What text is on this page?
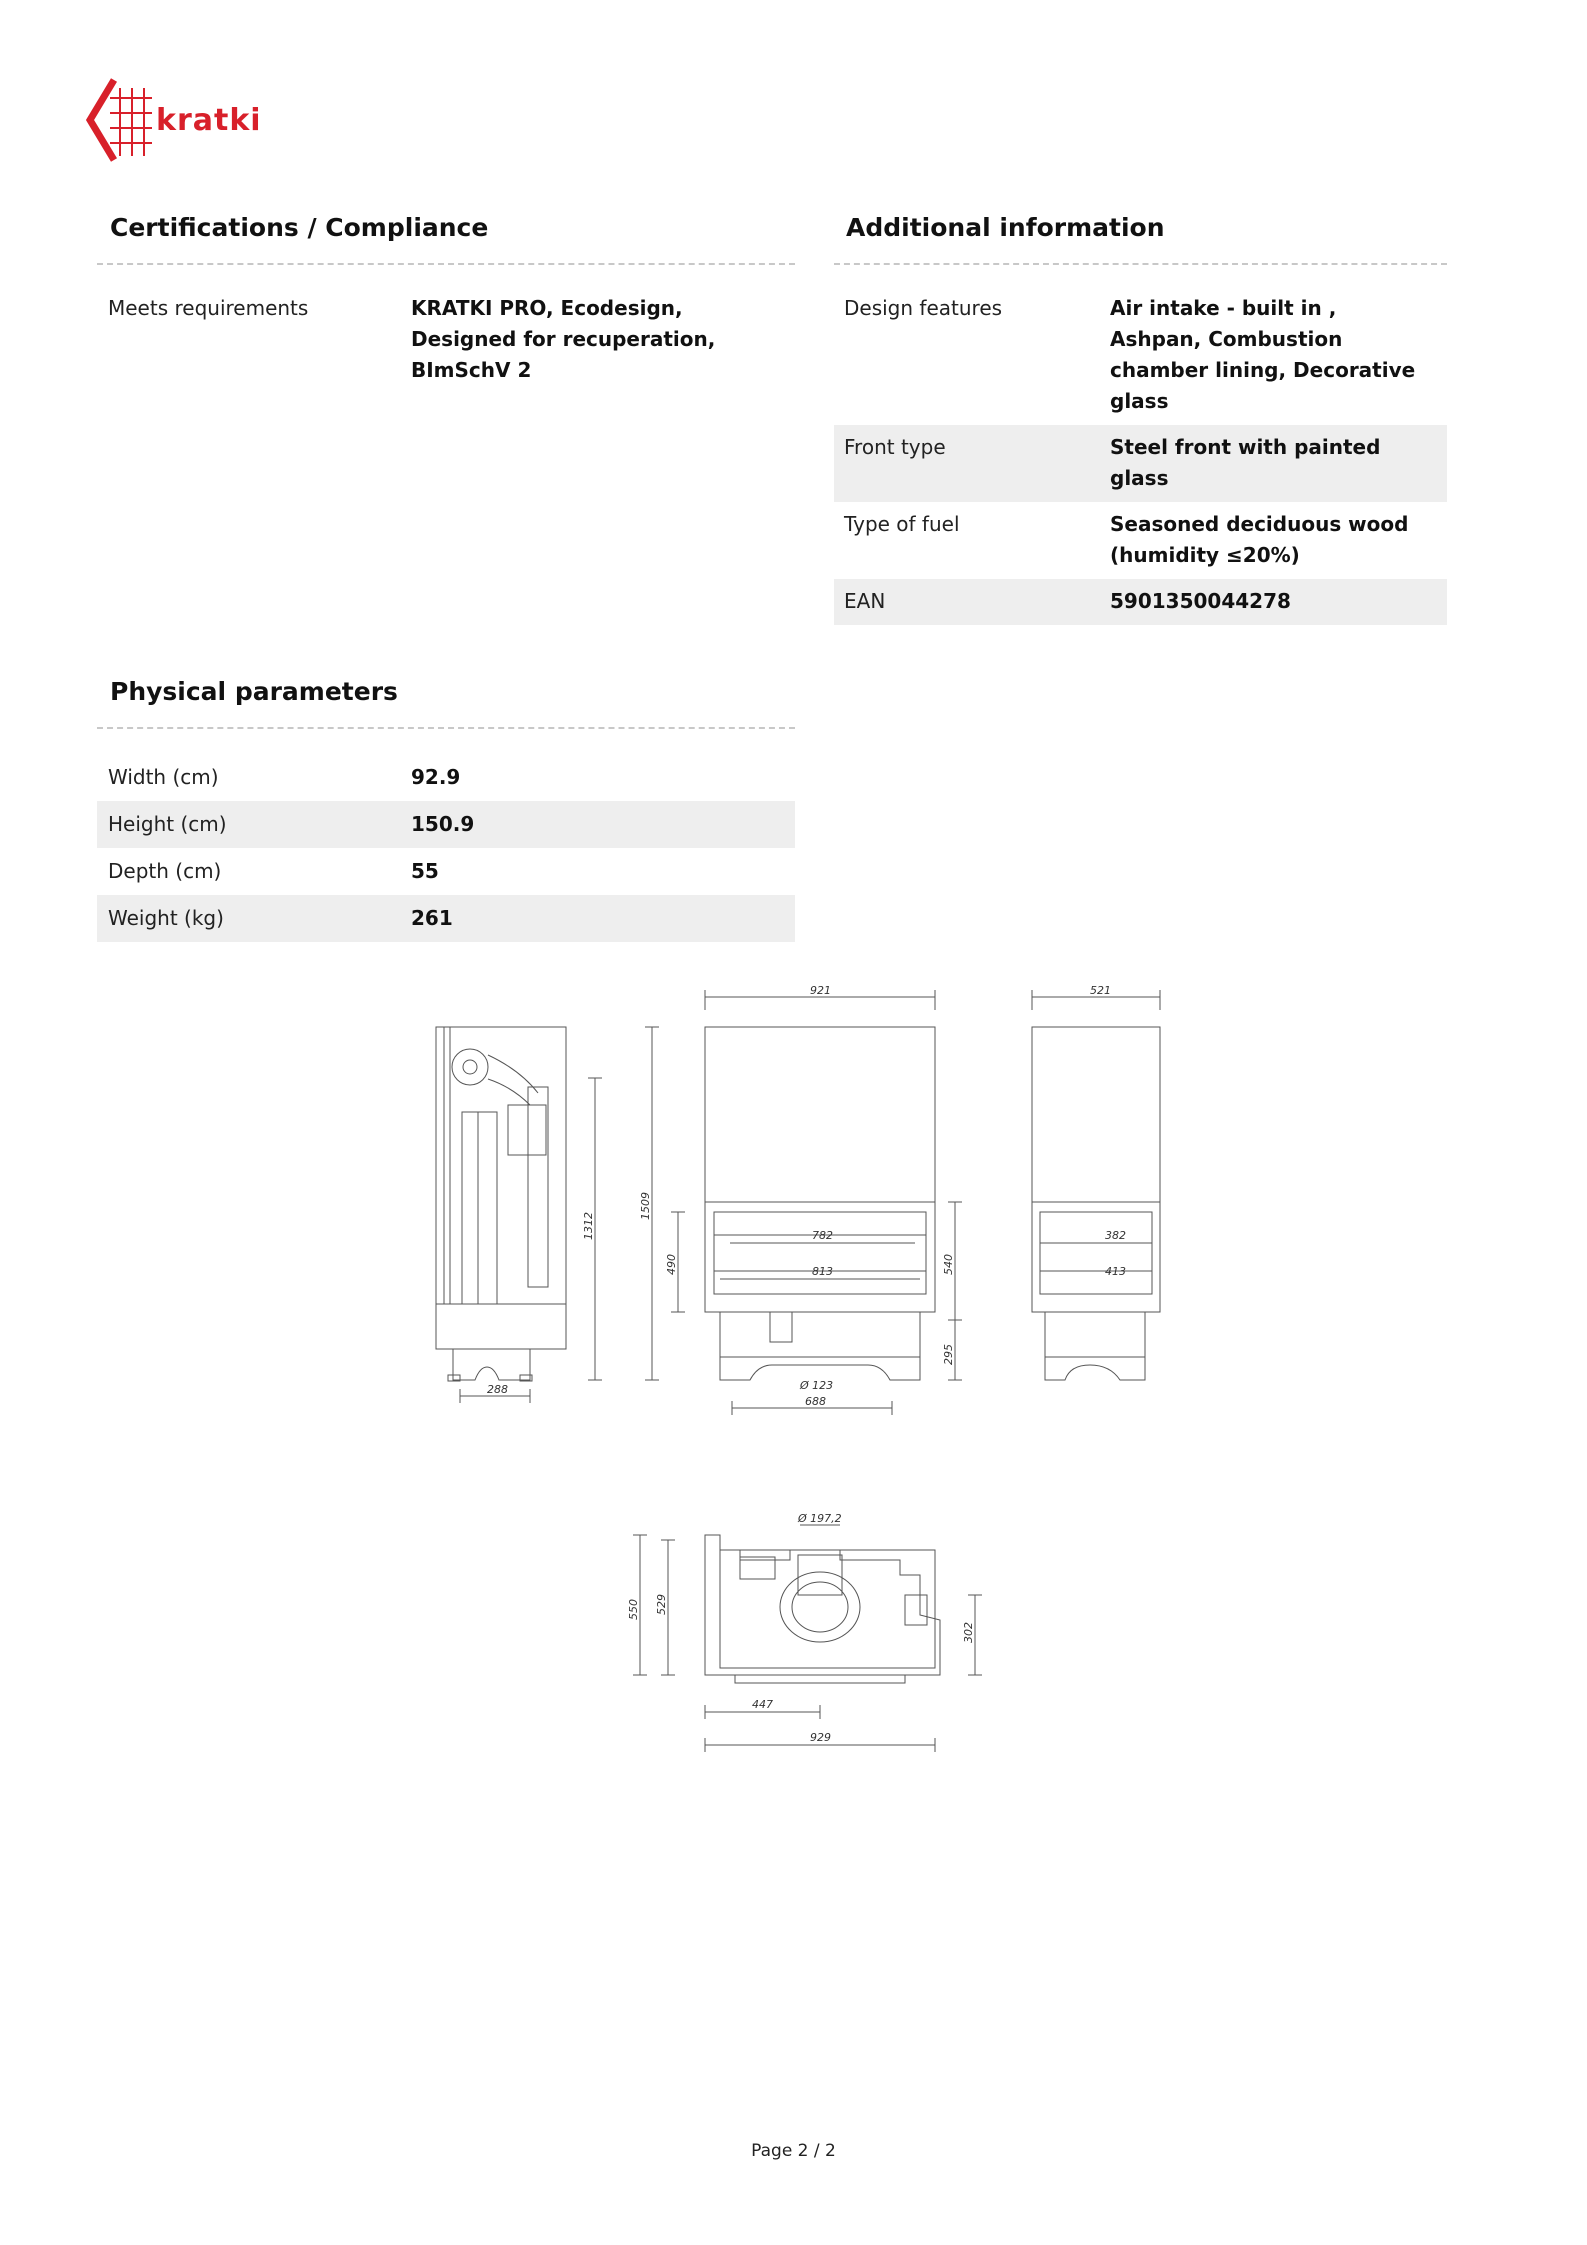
kratki
Certifications / Compliance
Meets requirements	KRATKI PRO, Ecodesign, Designed for recuperation, BImSchV 2
Additional information
Design features	Air intake - built in , Ashpan, Combustion chamber lining, Decorative glass
Front type	Steel front with painted glass
Type of fuel	Seasoned deciduous wood (humidity ≤20%)
EAN	5901350044278
Physical parameters
Width (cm)	92.9
Height (cm)	150.9
Depth (cm)	55
Weight (kg)	261
921	521
1312
1509
288
782
813
490	540
295
Ø 123
688
382
413
Ø 197,2
550 529
302
447
929
Page 2 / 2
